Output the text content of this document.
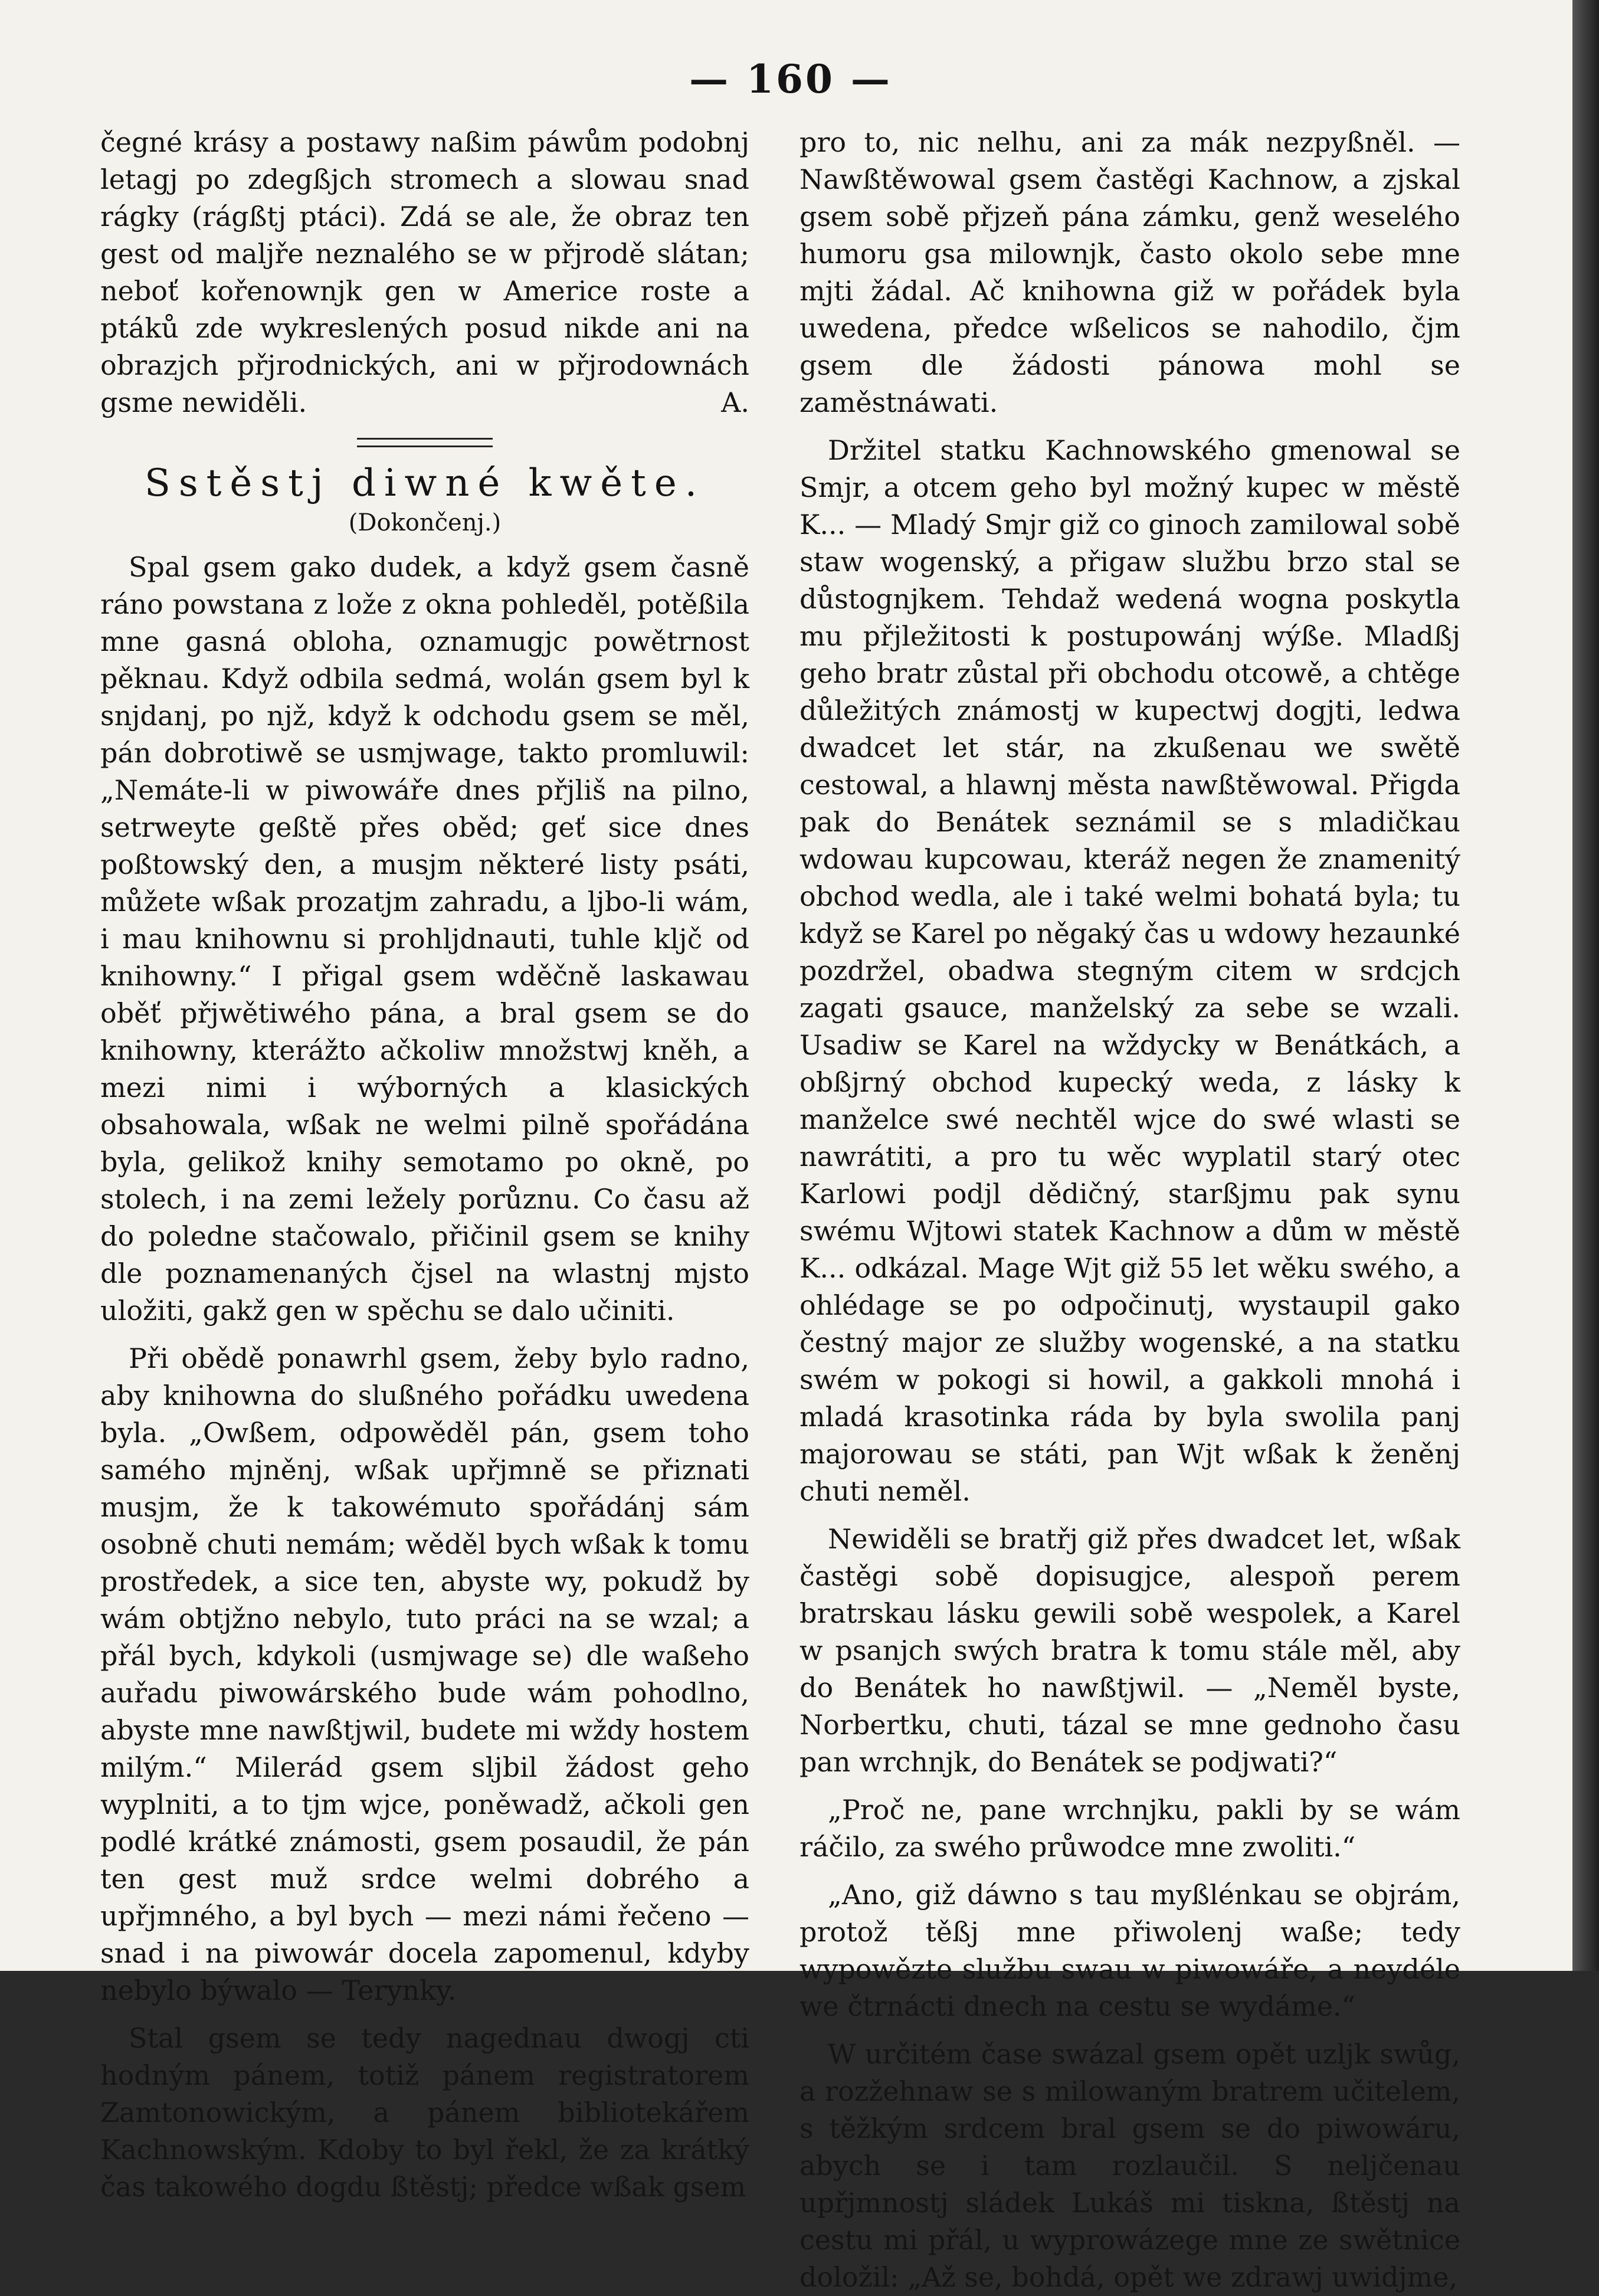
— 160 —

čegné krásy a postawy naßim páwům podobnj letagj po zdegßjch stromech a slowau snad rágky (rágßtj ptáci). Zdá se ale, že obraz ten gest od malјře neznalého se w přјrodě slátan; neboť kořenownjk gen w Americe roste a ptáků zde wykreslených posud nikde ani na obrazjch přјrodnických, ani w přјrodownách gsme newiděli.	A.

Sstěstj diwné kwěte.

(Dokončenj.)

Spal gsem gako dudek, a když gsem časně ráno powstana z lože z okna pohleděl, potěßila mne gasná obloha, oznamugjc powětrnost pěknau. Když odbila sedmá, wolán gsem byl k snjdanj, po njž, když k odchodu gsem se měl, pán dobrotiwě se usmjwage, takto promluwil: „Nemáte-li w piwowáře dnes přјliš na pilno, setrweyte geßtě přes oběd; geť sice dnes poßtowský den, a musjm některé listy psáti, můžete wßak prozatjm zahradu, a ljbo-li wám, i mau knihownu si prohljdnauti, tuhle klјč od knihowny.“ I přigal gsem wděčně laskawau oběť přјwětiwého pána, a bral gsem se do knihowny, kterážto ačkoliw množstwj kněh, a mezi nimi i wýborných a klasických obsahowala, wßak ne welmi pilně spořádána byla, gelikož knihy semotamo po okně, po stolech, i na zemi ležely porůznu. Co času až do poledne stačowalo, přičinil gsem se knihy dle poznamenaných čjsel na wlastnj mjsto uložiti, gakž gen w spěchu se dalo učiniti.

Při obědě ponawrhl gsem, žeby bylo radno, aby knihowna do slußného pořádku uwedena byla. „Owßem, odpowěděl pán, gsem toho samého mjněnj, wßak upřјmně se přiznati musjm, že k takowémuto spořádánj sám osobně chuti nemám; wěděl bych wßak k tomu prostředek, a sice ten, abyste wy, pokudž by wám obtjžno nebylo, tuto práci na se wzal; a přál bych, kdykoli (usmjwage se) dle waßeho auřadu piwowárského bude wám pohodlno, abyste mne nawßtjwil, budete mi wždy hostem milým.“ Milerád gsem sljbil žádost geho wyplniti, a to tjm wjce, poněwadž, ačkoli gen podlé krátké známosti, gsem posaudil, že pán ten gest muž srdce welmi dobrého a upřјmného, a byl bych — mezi námi řečeno — snad i na piwowár docela zapomenul, kdyby nebylo býwalo — Terynky.

Stal gsem se tedy nagednau dwogj cti hodným pánem, totiž pánem registratorem Zamtonowickým, a pánem bibliotekářem Kachnowským. Kdoby to byl řekl, že za krátký čas takowého dogdu ßtěstj; předce wßak gsem

pro to, nic nelhu, ani za mák nezpyßněl. — Nawßtěwowal gsem častěgi Kachnow, a zjskal gsem sobě přјzeň pána zámku, genž weselého humoru gsa milownjk, často okolo sebe mne mjti žádal. Ač knihowna giž w pořádek byla uwedena, předce wßelicos se nahodilo, čjm gsem dle žádosti pánowa mohl se zaměstnáwati.

Držitel statku Kachnowského gmenowal se Smjr, a otcem geho byl možný kupec w městě K... — Mladý Smjr giž co ginoch zamilowal sobě staw wogenský, a přigaw službu brzo stal se důstognjkem. Tehdaž wedená wogna poskytla mu přјležitosti k postupowánj wýße. Mladßj geho bratr zůstal při obchodu otcowě, a chtěge důležitých známostj w kupectwj dogjti, ledwa dwadcet let stár, na zkußenau we swětě cestowal, a hlawnj města nawßtěwowal. Přigda pak do Benátek seznámil se s mladičkau wdowau kupcowau, kteráž negen že znamenitý obchod wedla, ale i také welmi bohatá byla; tu když se Karel po něgaký čas u wdowy hezaunké pozdržel, obadwa stegným citem w srdcjch zagati gsauce, manželský za sebe se wzali. Usadiw se Karel na wždycky w Benátkách, a obßjrný obchod kupecký weda, z lásky k manželce swé nechtěl wjce do swé wlasti se nawrátiti, a pro tu wěc wyplatil starý otec Karlowi podjl dědičný, starßjmu pak synu swému Wjtowi statek Kachnow a dům w městě K... odkázal. Mage Wjt giž 55 let wěku swého, a ohlédage se po odpočinutj, wystaupil gako čestný major ze služby wogenské, a na statku swém w pokogi si howil, a gakkoli mnohá i mladá krasotinka ráda by byla swolila panj majorowau se státi, pan Wjt wßak k ženěnj chuti neměl.

Newiděli se bratřj giž přes dwadcet let, wßak častěgi sobě dopisugjce, alespoň perem bratrskau lásku gewili sobě wespolek, a Karel w psanjch swých bratra k tomu stále měl, aby do Benátek ho nawßtjwil. — „Neměl byste, Norbertku, chuti, tázal se mne gednoho času pan wrchnjk, do Benátek se podjwati?“

„Proč ne, pane wrchnjku, pakli by se wám ráčilo, za swého průwodce mne zwoliti.“

„Ano, giž dáwno s tau myßlénkau se objrám, protož těßj mne přiwolenj waße; tedy wypowězte službu swau w piwowáře, a neydéle we čtrnácti dnech na cestu se wydáme.“

W určitém čase swázal gsem opět uzljk swůg, a rozžehnaw se s milowaným bratrem učitelem, s těžkým srdcem bral gsem se do piwowáru, abych se i tam rozlaučil. S neljčenau upřјmnostj sládek Lukáš mi tiskna, ßtěstj na cestu mi přál, u wyprowázege mne ze swětnice doložil: „Až se, bohdá, opět we zdrawj uwidjme,
